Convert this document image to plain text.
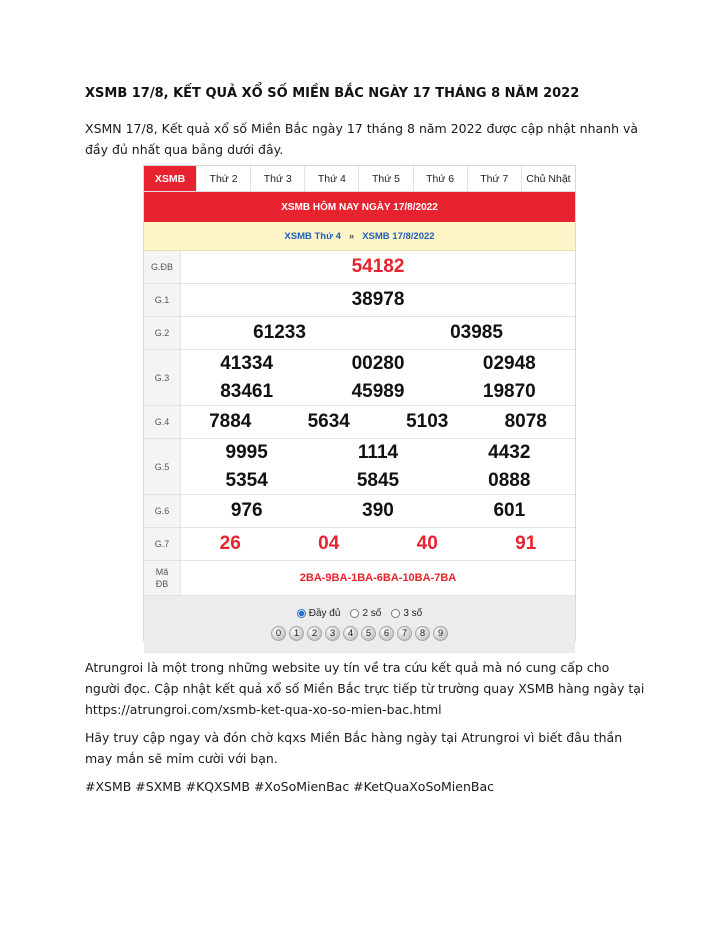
XSMB 17/8, KẾT QUẢ XỔ SỐ MIỀN BẮC NGÀY 17 THÁNG 8 NĂM 2022
XSMN 17/8, Kết quả xổ số Miền Bắc ngày 17 tháng 8 năm 2022 được cập nhật nhanh và đầy đủ nhất qua bảng dưới đây.
XSMB	Thứ 2	Thứ 3	Thứ 4	Thứ 5	Thứ 6	Thứ 7	Chủ Nhật
XSMB HÔM NAY NGÀY 17/8/2022
XSMB Thứ 4 » XSMB 17/8/2022
G.ĐB	54182
G.1	38978
G.2	61233	03985
G.3
41334	00280	02948
83461	45989	19870
G.4	7884	5634	5103	8078
G.5
9995	1114	4432
5354	5845	0888
G.6	976	390	601
G.7	26	04	40	91
Mã
ĐB	2BA-9BA-1BA-6BA-10BA-7BA
Đầy đủ 2 số 3 số
0	1	2	3	4	5	6	7	8	9
Atrungroi là một trong những website uy tín về tra cứu kết quả mà nó cung cấp cho người đọc. Cập nhật kết quả xổ số Miền Bắc trực tiếp từ trường quay XSMB hàng ngày tại https://atrungroi.com/xsmb-ket-qua-xo-so-mien-bac.html
Hãy truy cập ngay và đón chờ kqxs Miền Bắc hàng ngày tại Atrungroi vì biết đâu thần may mắn sẽ mỉm cười với bạn.
#XSMB #SXMB #KQXSMB #XoSoMienBac #KetQuaXoSoMienBac
